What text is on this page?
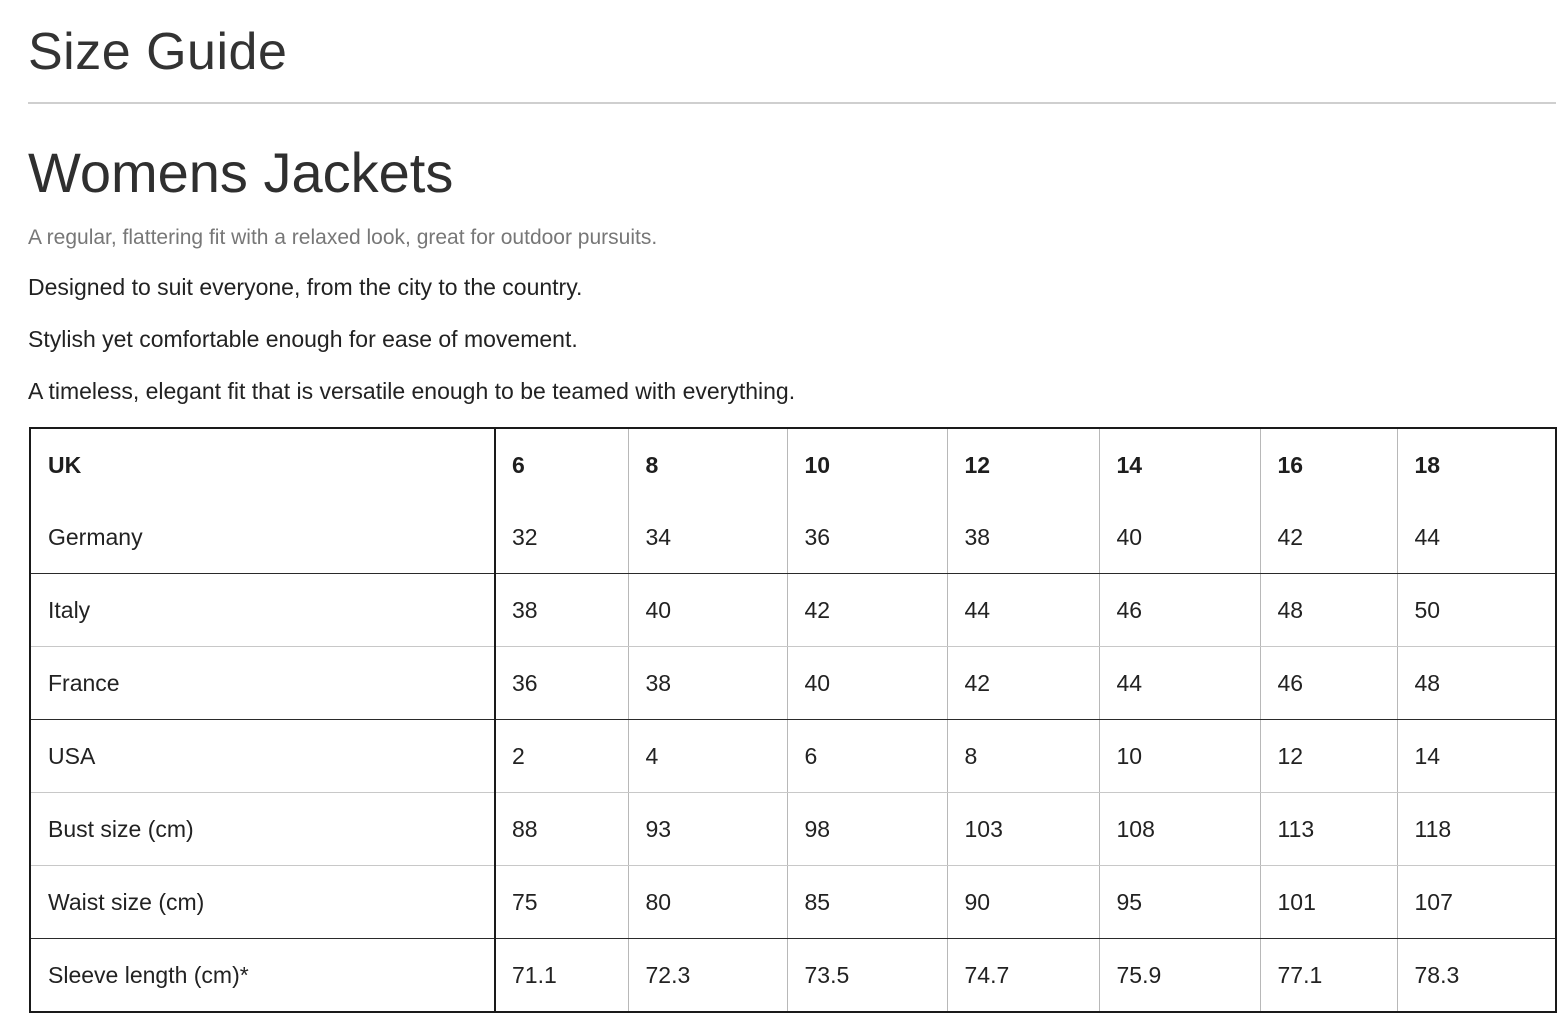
Size Guide
Womens Jackets

A regular, flattering fit with a relaxed look, great for outdoor pursuits.

Designed to suit everyone, from the city to the country.

Stylish yet comfortable enough for ease of movement.

A timeless, elegant fit that is versatile enough to be teamed with everything.

UK	6	8	10	12	14	16	18
Germany	32	34	36	38	40	42	44
Italy	38	40	42	44	46	48	50
France	36	38	40	42	44	46	48
USA	2	4	6	8	10	12	14
Bust size (cm)	88	93	98	103	108	113	118
Waist size (cm)	75	80	85	90	95	101	107
Sleeve length (cm)*	71.1	72.3	73.5	74.7	75.9	77.1	78.3
